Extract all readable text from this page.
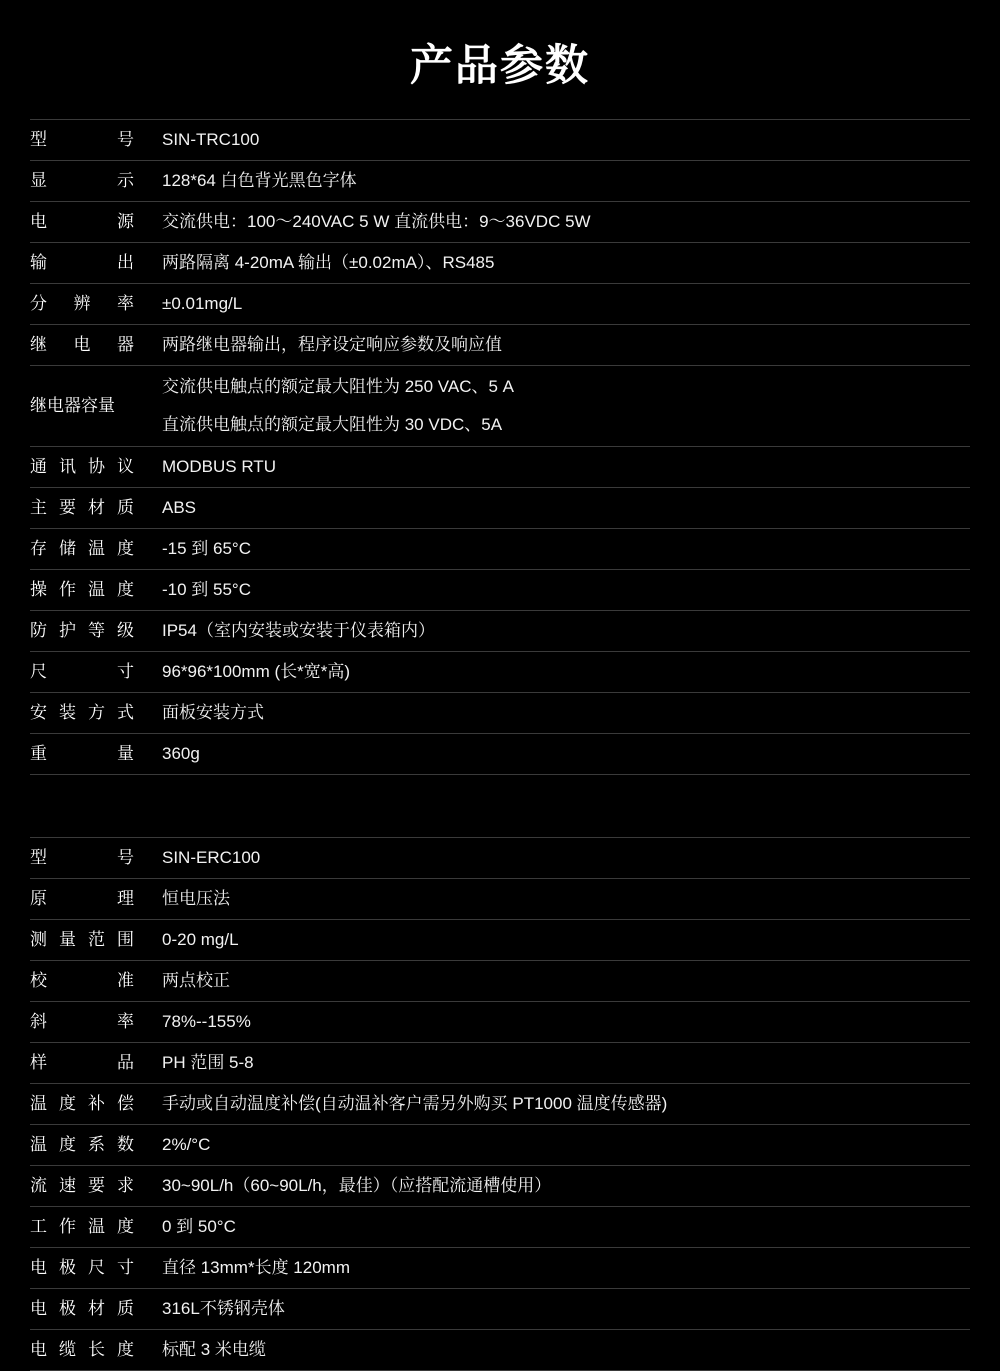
产品参数
型 号	SIN-TRC100

显 示	128*64 白色背光黑色字体

电 源	交流供电：100～240VAC 5 W 直流供电：9～36VDC 5W

输 出	两路隔离 4-20mA 输出（±0.02mA）、RS485

分 辨 率	±0.01mg/L

继 电 器	两路继电器输出，程序设定响应参数及响应值

继电器容量	交流供电触点的额定最大阻性为 250 VAC、5 A
直流供电触点的额定最大阻性为 30 VDC、5A

通 讯 协 议	MODBUS RTU

主 要 材 质	ABS

存 储 温 度	-15 到 65°C

操 作 温 度	-10 到 55°C

防 护 等 级	IP54（室内安装或安装于仪表箱内）

尺 寸	96*96*100mm (长*宽*高)

安 装 方 式	面板安装方式

重 量	360g
型 号	SIN-ERC100

原 理	恒电压法

测 量 范 围	0-20 mg/L

校 准	两点校正

斜 率	78%--155%

样 品	PH 范围 5-8

温 度 补 偿	手动或自动温度补偿(自动温补客户需另外购买 PT1000 温度传感器)

温 度 系 数	2%/°C

流 速 要 求	30~90L/h（60~90L/h，最佳）（应搭配流通槽使用）

工 作 温 度	0 到 50°C

电 极 尺 寸	直径 13mm*长度 120mm

电 极 材 质	316L不锈钢壳体

电 缆 长 度	标配 3 米电缆
